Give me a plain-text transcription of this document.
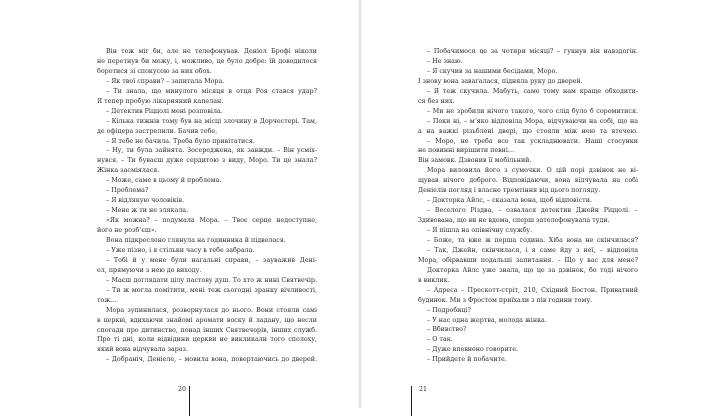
Він теж міг би, але не телефонував. Деніел Брофі ніколи
не перетнув би межу, і, можливо, це було добре: їй доводилося
боротися зі спокусою за них обох.
– Як твої справи? – запитала Мора.
– Ти знала, що минулого місяця в отця Роя стався удар?
Я тепер пробую лікарняний капелан.
– Детектив Ріццолі мені розповіла.
– Кілька тижнів тому був на місці злочину в Дорчестері. Там,
де офіцера застрелили. Бачив тебе.
– Я тебе не бачила. Треба було привітатися.
– Ну, ти була зайнята. Зосереджена, як завжди. – Він усміх-
нувся. – Ти буваєш дуже сердитою з виду, Моро. Ти це знала?
Жінка засміялася.
– Може, саме в цьому й проблема.
– Проблема?
– Я відлякую чоловіків.
– Мене ж ти не злякала.
«Як можна? – подумала Мора. – Твоє серце недоступне,
його не розбʼєш».
Вона підкреслено глянула на годинника й підвелася.
– Уже пізно, і я стільки часу в тебе забрала.
– Тобі й у мене були нагальні справи, – зауважив Дені-
ел, прямуючи з нею до виходу.
– Маєш доглядати цілу пастову душ. То хто ж нині Святвечір.
– Ти ж могла помітити, мені теж сьогодні зранку вічливості,
тож...
Мора зупинилася, розвернулася до нього. Вони стояли самі
в церкві, вдихаючи знайомі аромати воску й ладану, що несли
спогади про дитинство, понад інших Святвечорів, інших служб.
Про ті дні, коли відвідини церкви не викликали того сполоху,
який вона відчувала зараз.
– Добраніч, Деніеле, – мовила вона, повертаючись до дверей.
20
– Побачимося це за чотири місяці? – гукнув він навздогін.
– Не знаю.
– Я скучив за нашими бесідами, Моро.
І знову вона завагалася, підняла руку до дверей.
– Я теж скучила. Мабуть, саме тому нам краще обходити-
ся без них.
– Ми не зробили нічого такого, чого слід було б соромитися.
– Поки ні, – мʼяко відповіла Мора, відчуваючи на собі, що на
а на важкі різьблені двері, що стояли між нею та втечею.
– Моро, не треба все так ускладнювати. Наші стосунки
не повинні вирішити певні…
Він замовк. Дзвонив її мобільний.
Мора виловила його з сумочки. О цій порі дзвінок не ві-
щував нічого доброго. Відповідаючи, вона відчувала на собі
Деніелів погляд і власне тремтіння від цього погляду.
– Докторка Айлс, – сказала вона, щоб відповісти.
– Веселого Різдва, – озвалася детектив Джейн Ріццолі. –
Здивована, що ви не вдома, сперш зателефонувала туди.
– Я пішла на опівнічну службу.
– Боже, та вже ж перша година. Хіба вона не скінчилася?
– Так, Джейн, скінчилася, і я саме йду з неї, – відповіла
Мора, обірвавши подальші запитання. – Що у вас для мене?
Докторка Айлс уже знала, що це за дзвінок, бо тоді нічого
в виклик.
– Адреса – Прескотт-стріт, 210, Східний Бостон. Приватний
будинок. Ми з Фростом приїхали з пів години тому.
– Подробиці?
– У нас одна жертва, молода жінка.
– Вбивство?
– О так.
– Дуже впевнено говорите.
– Прийдете й побачите.
21
